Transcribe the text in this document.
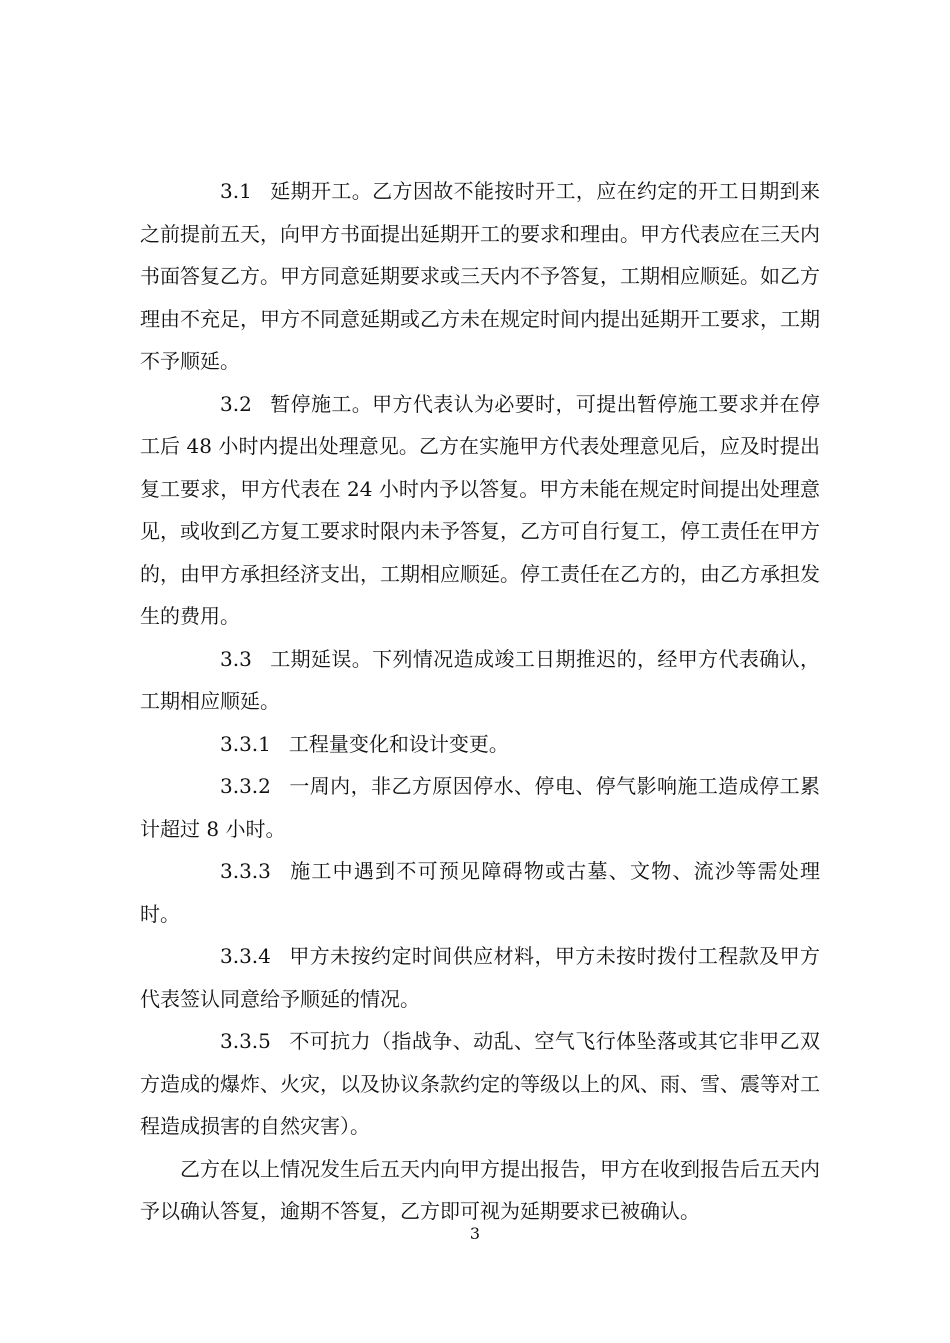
3.1 延期开工。乙方因故不能按时开工，应在约定的开工日期到来之前提前五天，向甲方书面提出延期开工的要求和理由。甲方代表应在三天内书面答复乙方。甲方同意延期要求或三天内不予答复，工期相应顺延。如乙方理由不充足，甲方不同意延期或乙方未在规定时间内提出延期开工要求，工期不予顺延。

3.2 暂停施工。甲方代表认为必要时，可提出暂停施工要求并在停工后 48 小时内提出处理意见。乙方在实施甲方代表处理意见后，应及时提出复工要求，甲方代表在 24 小时内予以答复。甲方未能在规定时间提出处理意见，或收到乙方复工要求时限内未予答复，乙方可自行复工，停工责任在甲方的，由甲方承担经济支出，工期相应顺延。停工责任在乙方的，由乙方承担发生的费用。

3.3 工期延误。下列情况造成竣工日期推迟的，经甲方代表确认，工期相应顺延。

3.3.1 工程量变化和设计变更。

3.3.2 一周内，非乙方原因停水、停电、停气影响施工造成停工累计超过 8 小时。

3.3.3 施工中遇到不可预见障碍物或古墓、文物、流沙等需处理时。

3.3.4 甲方未按约定时间供应材料，甲方未按时拨付工程款及甲方代表签认同意给予顺延的情况。

3.3.5 不可抗力（指战争、动乱、空气飞行体坠落或其它非甲乙双方造成的爆炸、火灾，以及协议条款约定的等级以上的风、雨、雪、震等对工程造成损害的自然灾害）。

乙方在以上情况发生后五天内向甲方提出报告，甲方在收到报告后五天内予以确认答复，逾期不答复，乙方即可视为延期要求已被确认。

3
